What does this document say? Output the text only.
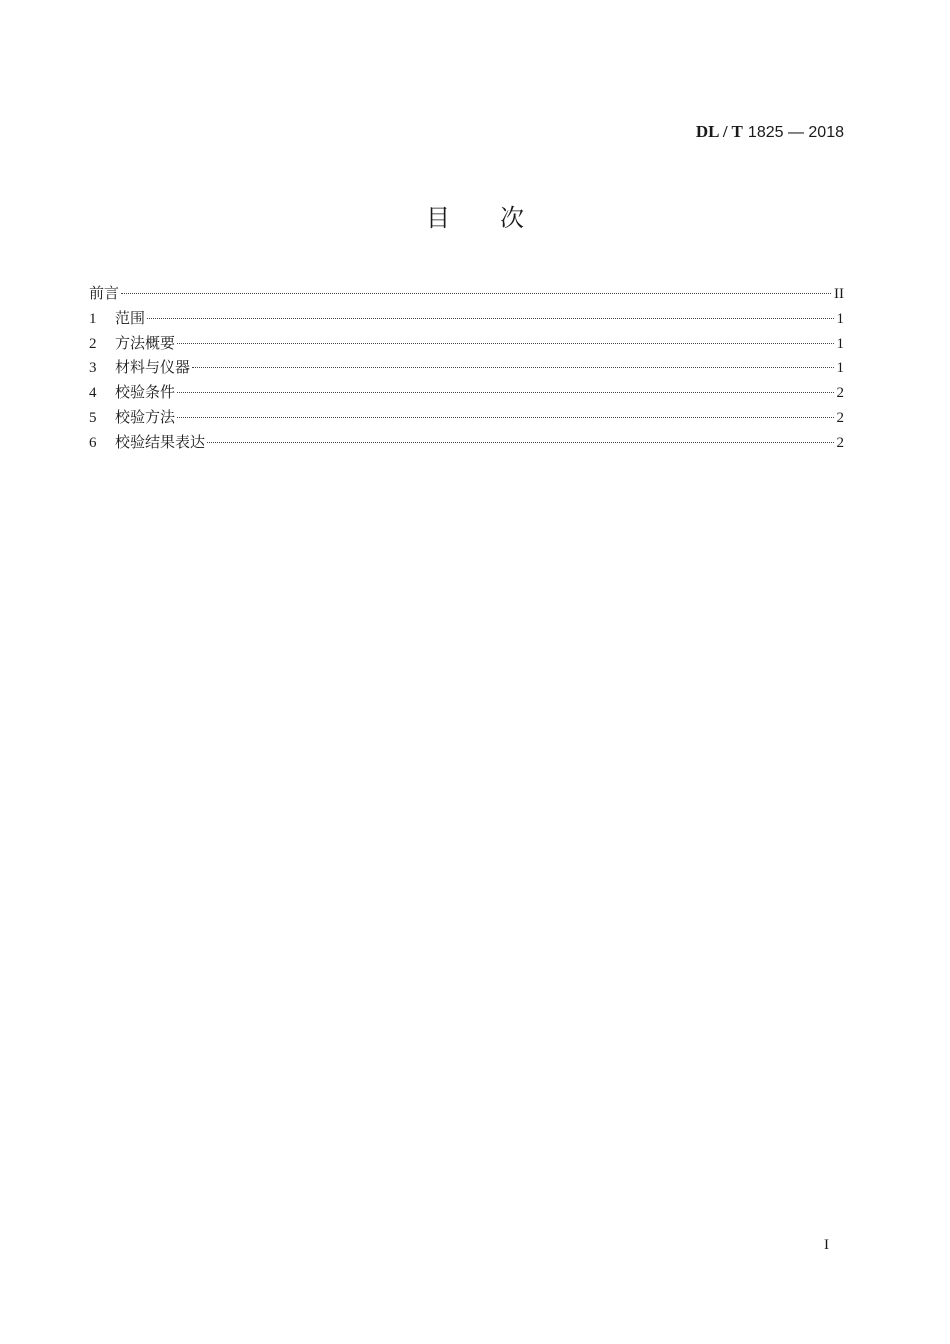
DL / T 1825 — 2018
目 次
前言	II
1	范围	1
2	方法概要	1
3	材料与仪器	1
4	校验条件	2
5	校验方法	2
6	校验结果表达	2
I
